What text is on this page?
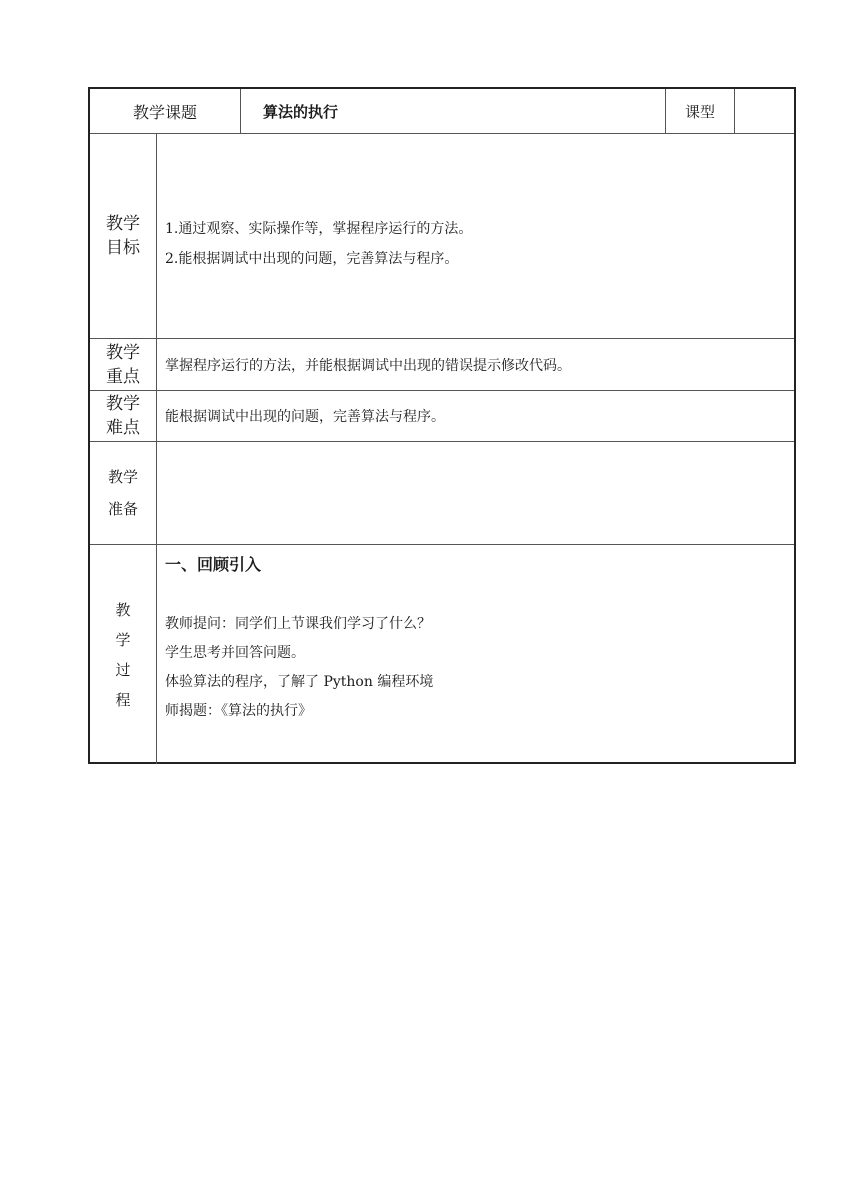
教学课题	算法的执行	课型
教学
目标
1.通过观察、实际操作等，掌握程序运行的方法。
2.能根据调试中出现的问题，完善算法与程序。
教学
重点
掌握程序运行的方法，并能根据调试中出现的错误提示修改代码。
教学
难点
能根据调试中出现的问题，完善算法与程序。
教学
准备
教
学
过
程
一、回顾引入
教师提问：同学们上节课我们学习了什么？
学生思考并回答问题。
体验算法的程序，了解了 Python 编程环境
师揭题：《算法的执行》
